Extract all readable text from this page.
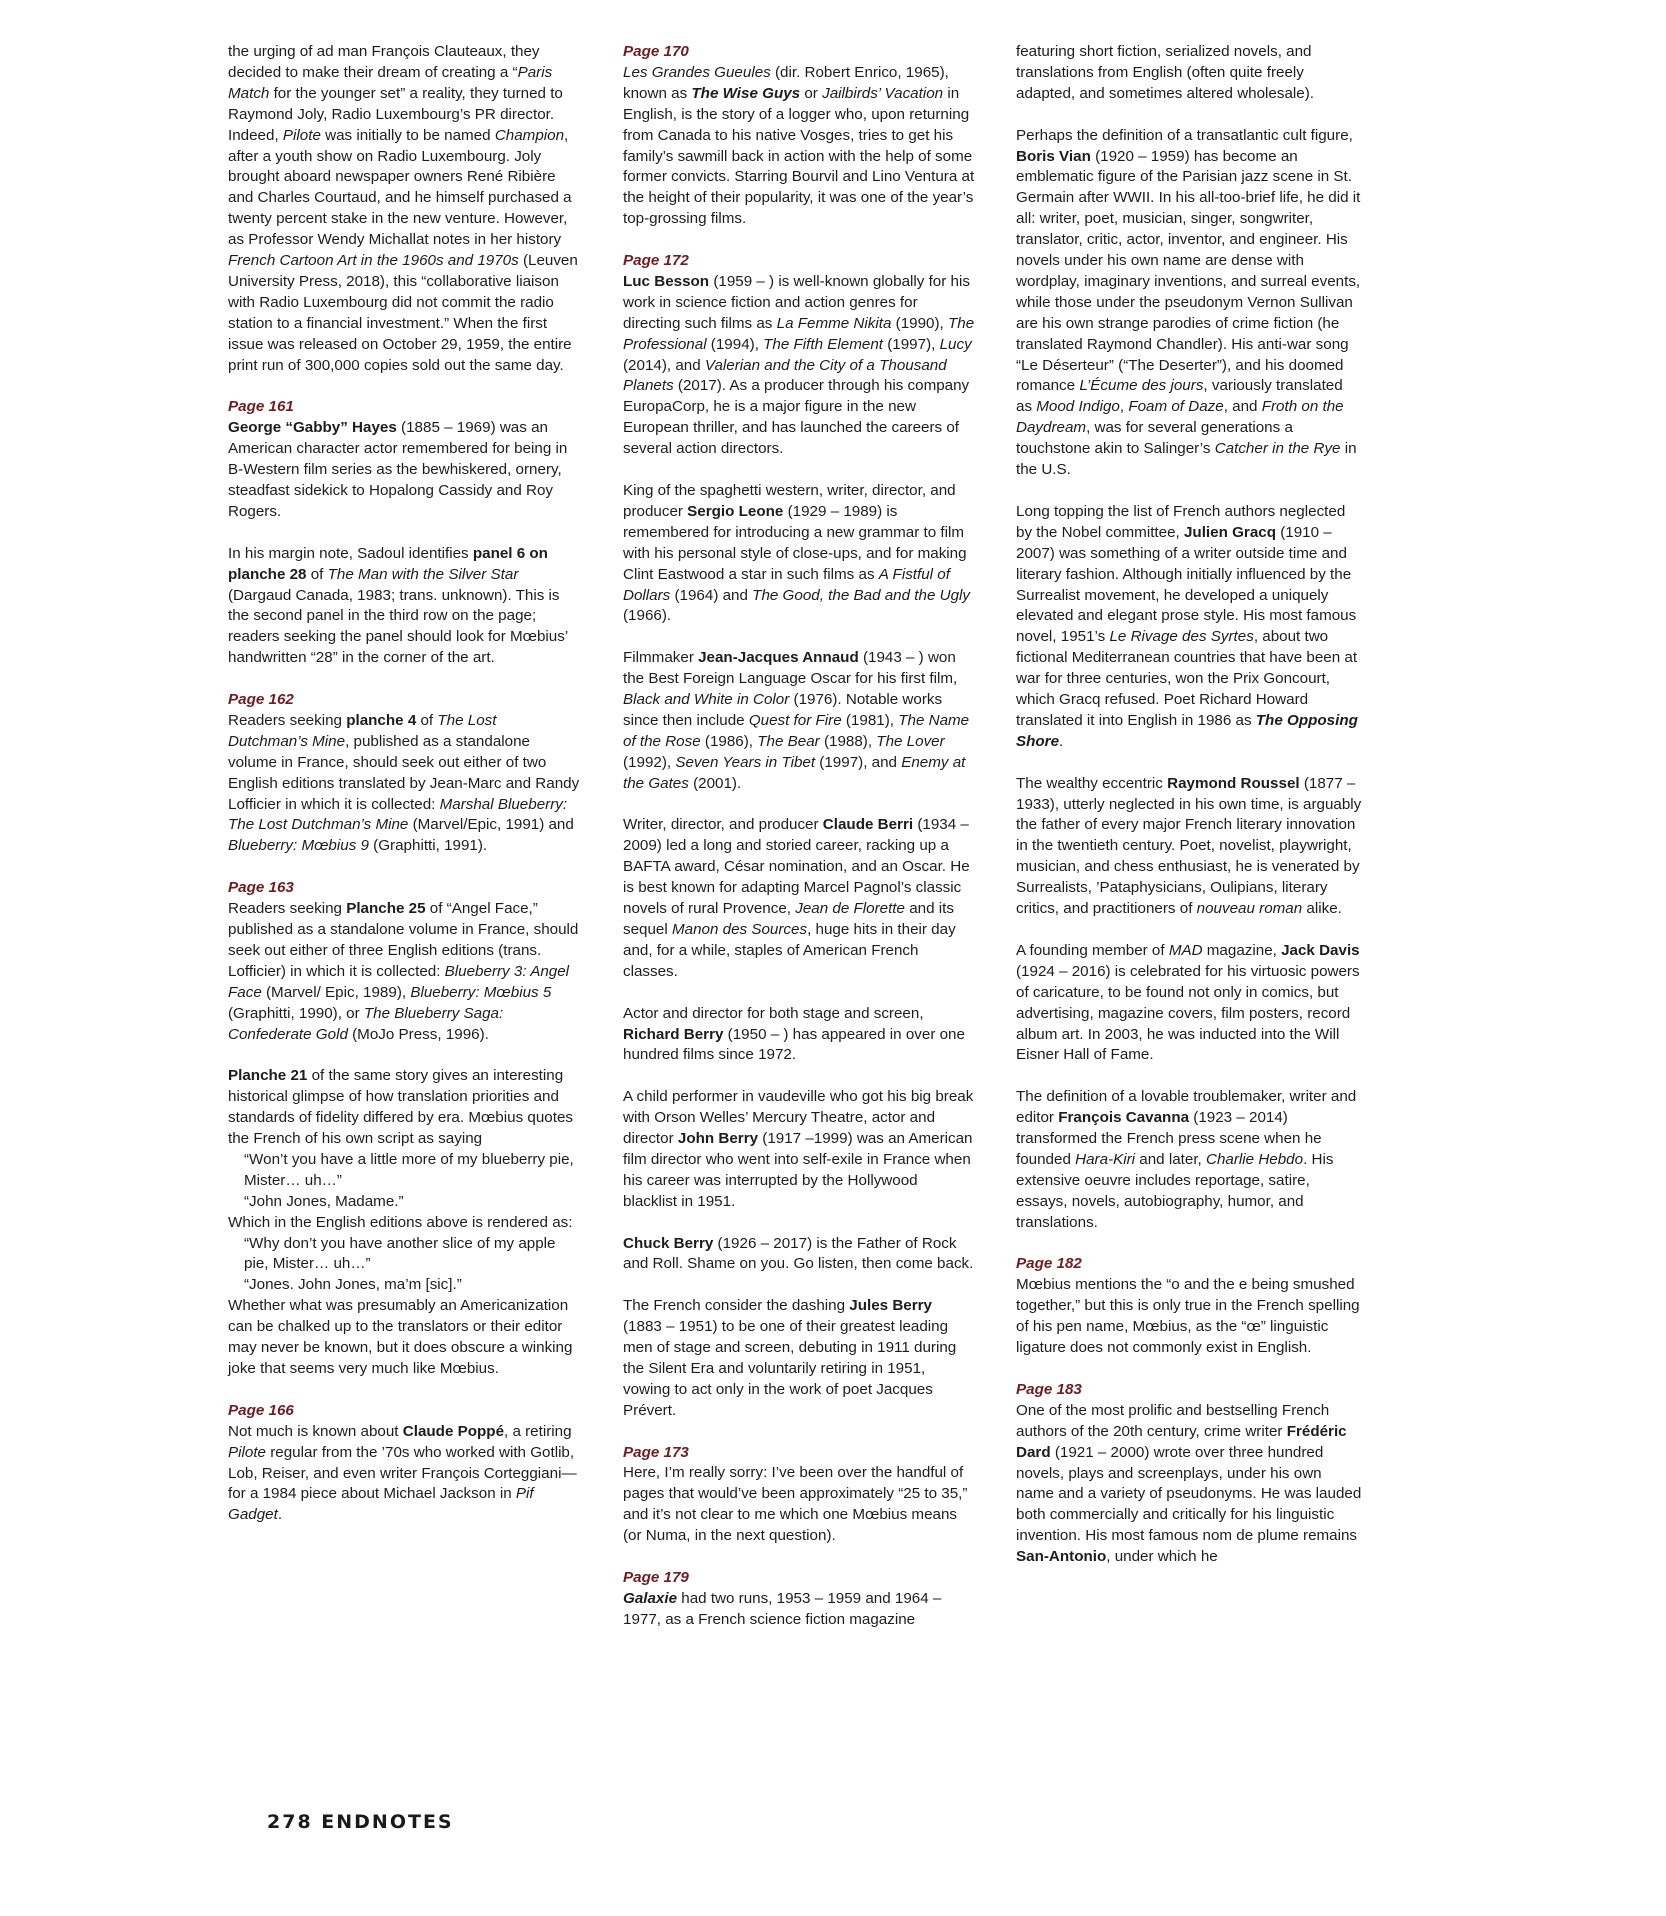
the urging of ad man François Clauteaux, they decided to make their dream of creating a “Paris Match for the younger set” a reality, they turned to Raymond Joly, Radio Luxembourg’s PR director. Indeed, Pilote was initially to be named Champion, after a youth show on Radio Luxembourg. Joly brought aboard newspaper owners René Ribière and Charles Courtaud, and he himself purchased a twenty percent stake in the new venture. However, as Professor Wendy Michallat notes in her history French Cartoon Art in the 1960s and 1970s (Leuven University Press, 2018), this “collaborative liaison with Radio Luxembourg did not commit the radio station to a financial investment.” When the first issue was released on October 29, 1959, the entire print run of 300,000 copies sold out the same day.

Page 161

George “Gabby” Hayes (1885 – 1969) was an American character actor remembered for being in B-Western film series as the bewhiskered, ornery, steadfast sidekick to Hopalong Cassidy and Roy Rogers.

In his margin note, Sadoul identifies panel 6 on planche 28 of The Man with the Silver Star (Dargaud Canada, 1983; trans. unknown). This is the second panel in the third row on the page; readers seeking the panel should look for Mœbius’ handwritten “28” in the corner of the art.

Page 162

Readers seeking planche 4 of The Lost Dutchman’s Mine, published as a standalone volume in France, should seek out either of two English editions translated by Jean-Marc and Randy Lofficier in which it is collected: Marshal Blueberry: The Lost Dutchman’s Mine (Marvel/Epic, 1991) and Blueberry: Mœbius 9 (Graphitti, 1991).

Page 163

Readers seeking Planche 25 of “Angel Face,” published as a standalone volume in France, should seek out either of three English editions (trans. Lofficier) in which it is collected: Blueberry 3: Angel Face (Marvel/ Epic, 1989), Blueberry: Mœbius 5 (Graphitti, 1990), or The Blueberry Saga: Confederate Gold (MoJo Press, 1996).

Planche 21 of the same story gives an interesting historical glimpse of how translation priorities and standards of fidelity differed by era. Mœbius quotes the French of his own script as saying

“Won’t you have a little more of my blueberry pie, Mister… uh…”

“John Jones, Madame.”

Which in the English editions above is rendered as:

“Why don’t you have another slice of my apple pie, Mister… uh…”

“Jones. John Jones, ma’m [sic].”

Whether what was presumably an Americanization can be chalked up to the translators or their editor may never be known, but it does obscure a winking joke that seems very much like Mœbius.

Page 166

Not much is known about Claude Poppé, a retiring Pilote regular from the ’70s who worked with Gotlib, Lob, Reiser, and even writer François Corteggiani—for a 1984 piece about Michael Jackson in Pif Gadget.

Page 170

Les Grandes Gueules (dir. Robert Enrico, 1965), known as The Wise Guys or Jailbirds’ Vacation in English, is the story of a logger who, upon returning from Canada to his native Vosges, tries to get his family’s sawmill back in action with the help of some former convicts. Starring Bourvil and Lino Ventura at the height of their popularity, it was one of the year’s top-grossing films.

Page 172

Luc Besson (1959 – ) is well-known globally for his work in science fiction and action genres for directing such films as La Femme Nikita (1990), The Professional (1994), The Fifth Element (1997), Lucy (2014), and Valerian and the City of a Thousand Planets (2017). As a producer through his company EuropaCorp, he is a major figure in the new European thriller, and has launched the careers of several action directors.

King of the spaghetti western, writer, director, and producer Sergio Leone (1929 – 1989) is remembered for introducing a new grammar to film with his personal style of close-ups, and for making Clint Eastwood a star in such films as A Fistful of Dollars (1964) and The Good, the Bad and the Ugly (1966).

Filmmaker Jean-Jacques Annaud (1943 – ) won the Best Foreign Language Oscar for his first film, Black and White in Color (1976). Notable works since then include Quest for Fire (1981), The Name of the Rose (1986), The Bear (1988), The Lover (1992), Seven Years in Tibet (1997), and Enemy at the Gates (2001).

Writer, director, and producer Claude Berri (1934 – 2009) led a long and storied career, racking up a BAFTA award, César nomination, and an Oscar. He is best known for adapting Marcel Pagnol’s classic novels of rural Provence, Jean de Florette and its sequel Manon des Sources, huge hits in their day and, for a while, staples of American French classes.

Actor and director for both stage and screen, Richard Berry (1950 – ) has appeared in over one hundred films since 1972.

A child performer in vaudeville who got his big break with Orson Welles’ Mercury Theatre, actor and director John Berry (1917 –1999) was an American film director who went into self-exile in France when his career was interrupted by the Hollywood blacklist in 1951.

Chuck Berry (1926 – 2017) is the Father of Rock and Roll. Shame on you. Go listen, then come back.

The French consider the dashing Jules Berry (1883 – 1951) to be one of their greatest leading men of stage and screen, debuting in 1911 during the Silent Era and voluntarily retiring in 1951, vowing to act only in the work of poet Jacques Prévert.

Page 173

Here, I’m really sorry: I’ve been over the handful of pages that would’ve been approximately “25 to 35,” and it’s not clear to me which one Mœbius means (or Numa, in the next question).

Page 179

Galaxie had two runs, 1953 – 1959 and 1964 – 1977, as a French science fiction magazine

featuring short fiction, serialized novels, and translations from English (often quite freely adapted, and sometimes altered wholesale).

Perhaps the definition of a transatlantic cult figure, Boris Vian (1920 – 1959) has become an emblematic figure of the Parisian jazz scene in St. Germain after WWII. In his all-too-brief life, he did it all: writer, poet, musician, singer, songwriter, translator, critic, actor, inventor, and engineer. His novels under his own name are dense with wordplay, imaginary inventions, and surreal events, while those under the pseudonym Vernon Sullivan are his own strange parodies of crime fiction (he translated Raymond Chandler). His anti-war song “Le Déserteur” (“The Deserter”), and his doomed romance L’Écume des jours, variously translated as Mood Indigo, Foam of Daze, and Froth on the Daydream, was for several generations a touchstone akin to Salinger’s Catcher in the Rye in the U.S.

Long topping the list of French authors neglected by the Nobel committee, Julien Gracq (1910 – 2007) was something of a writer outside time and literary fashion. Although initially influenced by the Surrealist movement, he developed a uniquely elevated and elegant prose style. His most famous novel, 1951’s Le Rivage des Syrtes, about two fictional Mediterranean countries that have been at war for three centuries, won the Prix Goncourt, which Gracq refused. Poet Richard Howard translated it into English in 1986 as The Opposing Shore.

The wealthy eccentric Raymond Roussel (1877 – 1933), utterly neglected in his own time, is arguably the father of every major French literary innovation in the twentieth century. Poet, novelist, playwright, musician, and chess enthusiast, he is venerated by Surrealists, ’Pataphysicians, Oulipians, literary critics, and practitioners of nouveau roman alike.

A founding member of MAD magazine, Jack Davis (1924 – 2016) is celebrated for his virtuosic powers of caricature, to be found not only in comics, but advertising, magazine covers, film posters, record album art. In 2003, he was inducted into the Will Eisner Hall of Fame.

The definition of a lovable troublemaker, writer and editor François Cavanna (1923 – 2014) transformed the French press scene when he founded Hara-Kiri and later, Charlie Hebdo. His extensive oeuvre includes reportage, satire, essays, novels, autobiography, humor, and translations.

Page 182

Mœbius mentions the “o and the e being smushed together,” but this is only true in the French spelling of his pen name, Mœbius, as the “œ” linguistic ligature does not commonly exist in English.

Page 183

One of the most prolific and bestselling French authors of the 20th century, crime writer Frédéric Dard (1921 – 2000) wrote over three hundred novels, plays and screenplays, under his own name and a variety of pseudonyms. He was lauded both commercially and critically for his linguistic invention. His most famous nom de plume remains San-Antonio, under which he

278 ENDNOTES
